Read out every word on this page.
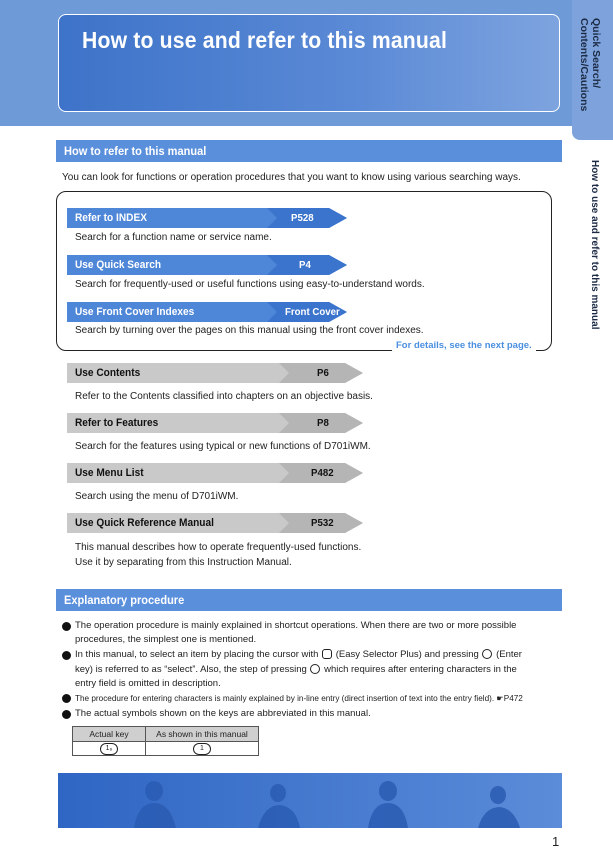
How to use and refer to this manual	Quick Search/
Contents/Cautions
How to use and refer to this manual
How to refer to this manual
You can look for functions or operation procedures that you want to know using various searching ways.
Refer to INDEX	P528
Search for a function name or service name.
Use Quick Search	P4
Search for frequently-used or useful functions using easy-to-understand words.
Use Front Cover Indexes	Front Cover
Search by turning over the pages on this manual using the front cover indexes.
For details, see the next page.
Use Contents	P6
Refer to the Contents classified into chapters on an objective basis.
Refer to Features	P8
Search for the features using typical or new functions of D701iWM.
Use Menu List	P482
Search using the menu of D701iWM.
Use Quick Reference Manual	P532
This manual describes how to operate frequently-used functions.
Use it by separating from this Instruction Manual.
Explanatory procedure
The operation procedure is mainly explained in shortcut operations. When there are two or more possible
procedures, the simplest one is mentioned.
In this manual, to select an item by placing the cursor with (Easy Selector Plus) and pressing (Enter
key) is referred to as “select”. Also, the step of pressing which requires after entering characters in the
entry field is omitted in description.
The procedure for entering characters is mainly explained by in-line entry (direct insertion of text into the entry field). ☛P472
The actual symbols shown on the keys are abbreviated in this manual.
Actual key	As shown in this manual
1₆	1
1
